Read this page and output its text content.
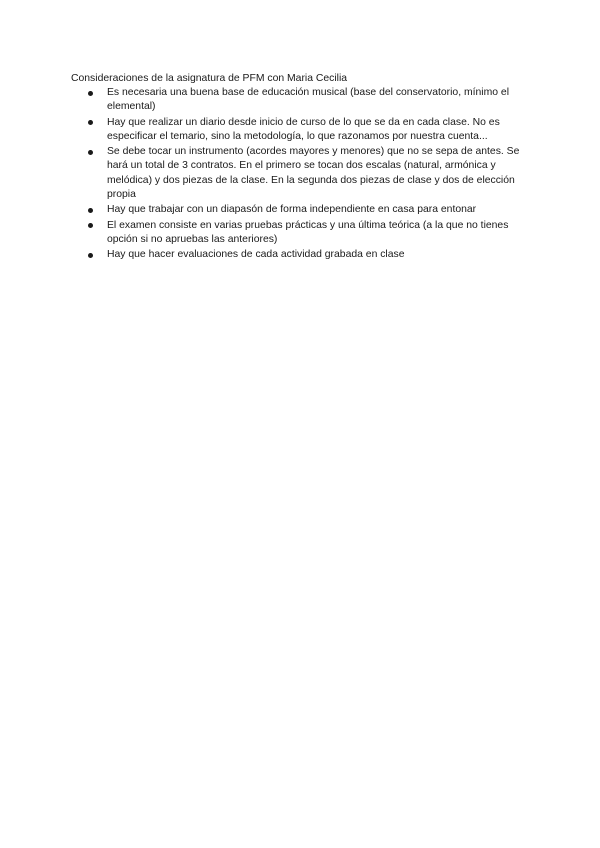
Consideraciones de la asignatura de PFM con Maria Cecilia

Es necesaria una buena base de educación musical (base del conservatorio, mínimo el elemental)
Hay que realizar un diario desde inicio de curso de lo que se da en cada clase. No es especificar el temario, sino la metodología, lo que razonamos por nuestra cuenta...
Se debe tocar un instrumento (acordes mayores y menores) que no se sepa de antes. Se hará un total de 3 contratos. En el primero se tocan dos escalas (natural, armónica y melódica) y dos piezas de la clase. En la segunda dos piezas de clase y dos de elección propia
Hay que trabajar con un diapasón de forma independiente en casa para entonar
El examen consiste en varias pruebas prácticas y una última teórica (a la que no tienes opción si no apruebas las anteriores)
Hay que hacer evaluaciones de cada actividad grabada en clase
